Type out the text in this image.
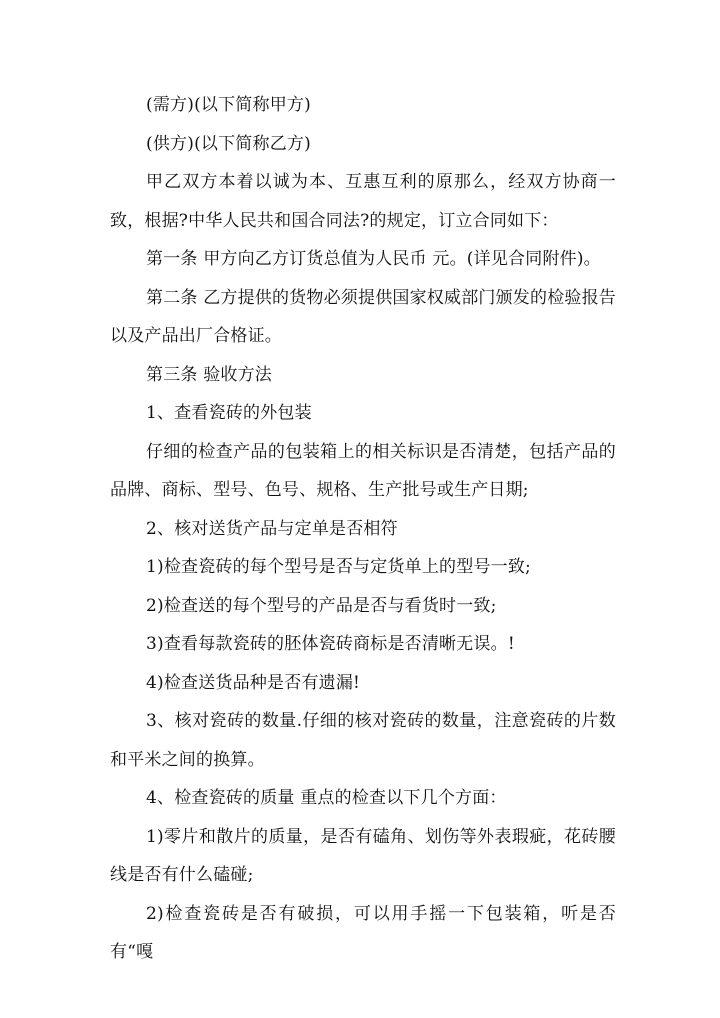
(需方)(以下简称甲方)

(供方)(以下简称乙方)

甲乙双方本着以诚为本、互惠互利的原那么，经双方协商一致，根据?中华人民共和国合同法?的规定，订立合同如下：

第一条 甲方向乙方订货总值为人民币 元。(详见合同附件)。

第二条 乙方提供的货物必须提供国家权威部门颁发的检验报告以及产品出厂合格证。

第三条 验收方法

1、查看瓷砖的外包装

仔细的检查产品的包装箱上的相关标识是否清楚，包括产品的品牌、商标、型号、色号、规格、生产批号或生产日期;

2、核对送货产品与定单是否相符

1)检查瓷砖的每个型号是否与定货单上的型号一致;

2)检查送的每个型号的产品是否与看货时一致;

3)查看每款瓷砖的胚体瓷砖商标是否清晰无误。!

4)检查送货品种是否有遗漏!

3、核对瓷砖的数量.仔细的核对瓷砖的数量，注意瓷砖的片数和平米之间的换算。

4、检查瓷砖的质量 重点的检查以下几个方面：

1)零片和散片的质量，是否有磕角、划伤等外表瑕疵，花砖腰线是否有什么磕碰;

2)检查瓷砖是否有破损，可以用手摇一下包装箱，听是否有“嘎
